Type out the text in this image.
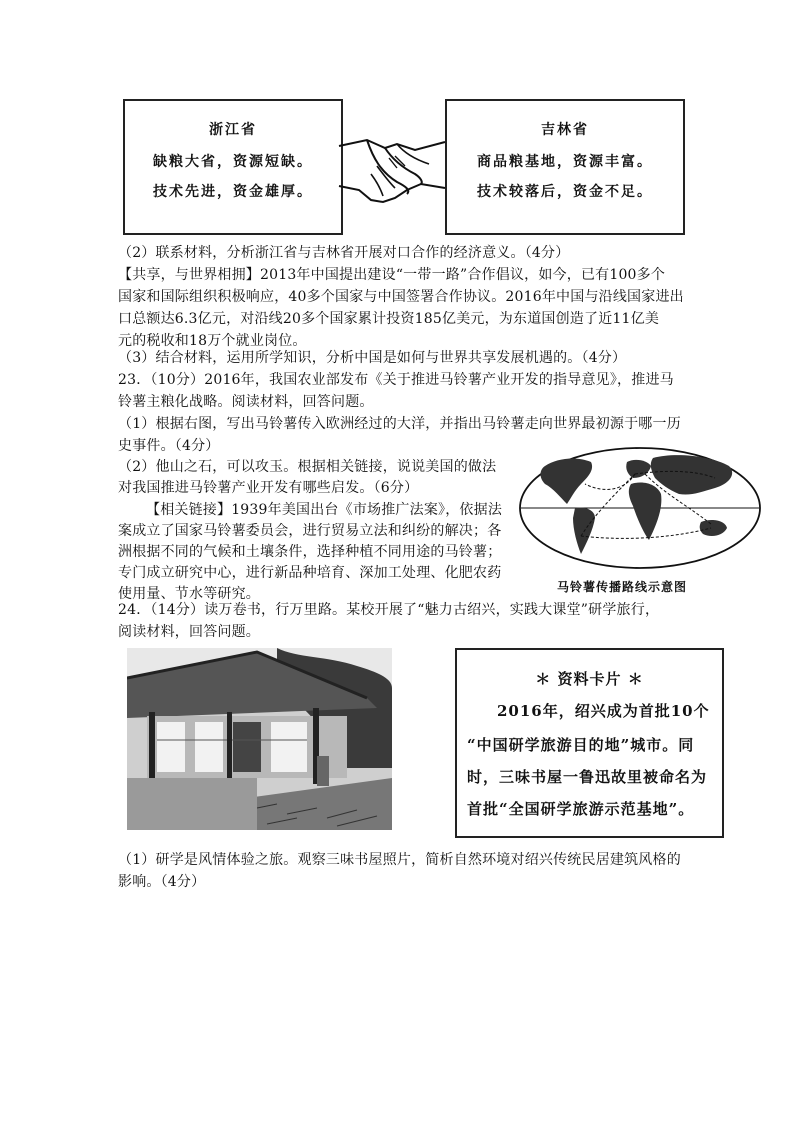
浙江省
缺粮大省，资源短缺。
技术先进，资金雄厚。
吉林省
商品粮基地，资源丰富。
技术较落后，资金不足。
（2）联系材料，分析浙江省与吉林省开展对口合作的经济意义。（4分）
【共享，与世界相拥】2013年中国提出建设“一带一路”合作倡议，如今，已有100多个
国家和国际组织积极响应，40多个国家与中国签署合作协议。2016年中国与沿线国家进出
口总额达6.3亿元，对沿线20多个国家累计投资185亿美元，为东道国创造了近11亿美
元的税收和18万个就业岗位。
（3）结合材料，运用所学知识，分析中国是如何与世界共享发展机遇的。（4分）
23．（10分）2016年，我国农业部发布《关于推进马铃薯产业开发的指导意见》，推进马
铃薯主粮化战略。阅读材料，回答问题。
（1）根据右图，写出马铃薯传入欧洲经过的大洋，并指出马铃薯走向世界最初源于哪一历
史事件。（4分）
（2）他山之石，可以攻玉。根据相关链接，说说美国的做法
对我国推进马铃薯产业开发有哪些启发。（6分）
【相关链接】1939年美国出台《市场推广法案》，依据法
案成立了国家马铃薯委员会，进行贸易立法和纠纷的解决；各
洲根据不同的气候和土壤条件，选择种植不同用途的马铃薯；
专门成立研究中心，进行新品种培育、深加工处理、化肥农药
使用量、节水等研究。	马铃薯传播路线示意图
24．（14分）读万卷书，行万里路。某校开展了“魅力古绍兴，实践大课堂”研学旅行，
阅读材料，回答问题。
＊ 资料卡片 ＊
2016年，绍兴成为首批10个
“中国研学旅游目的地”城市。同
时，三味书屋一鲁迅故里被命名为
首批“全国研学旅游示范基地”。
（1）研学是风情体验之旅。观察三味书屋照片，简析自然环境对绍兴传统民居建筑风格的
影响。（4分）
